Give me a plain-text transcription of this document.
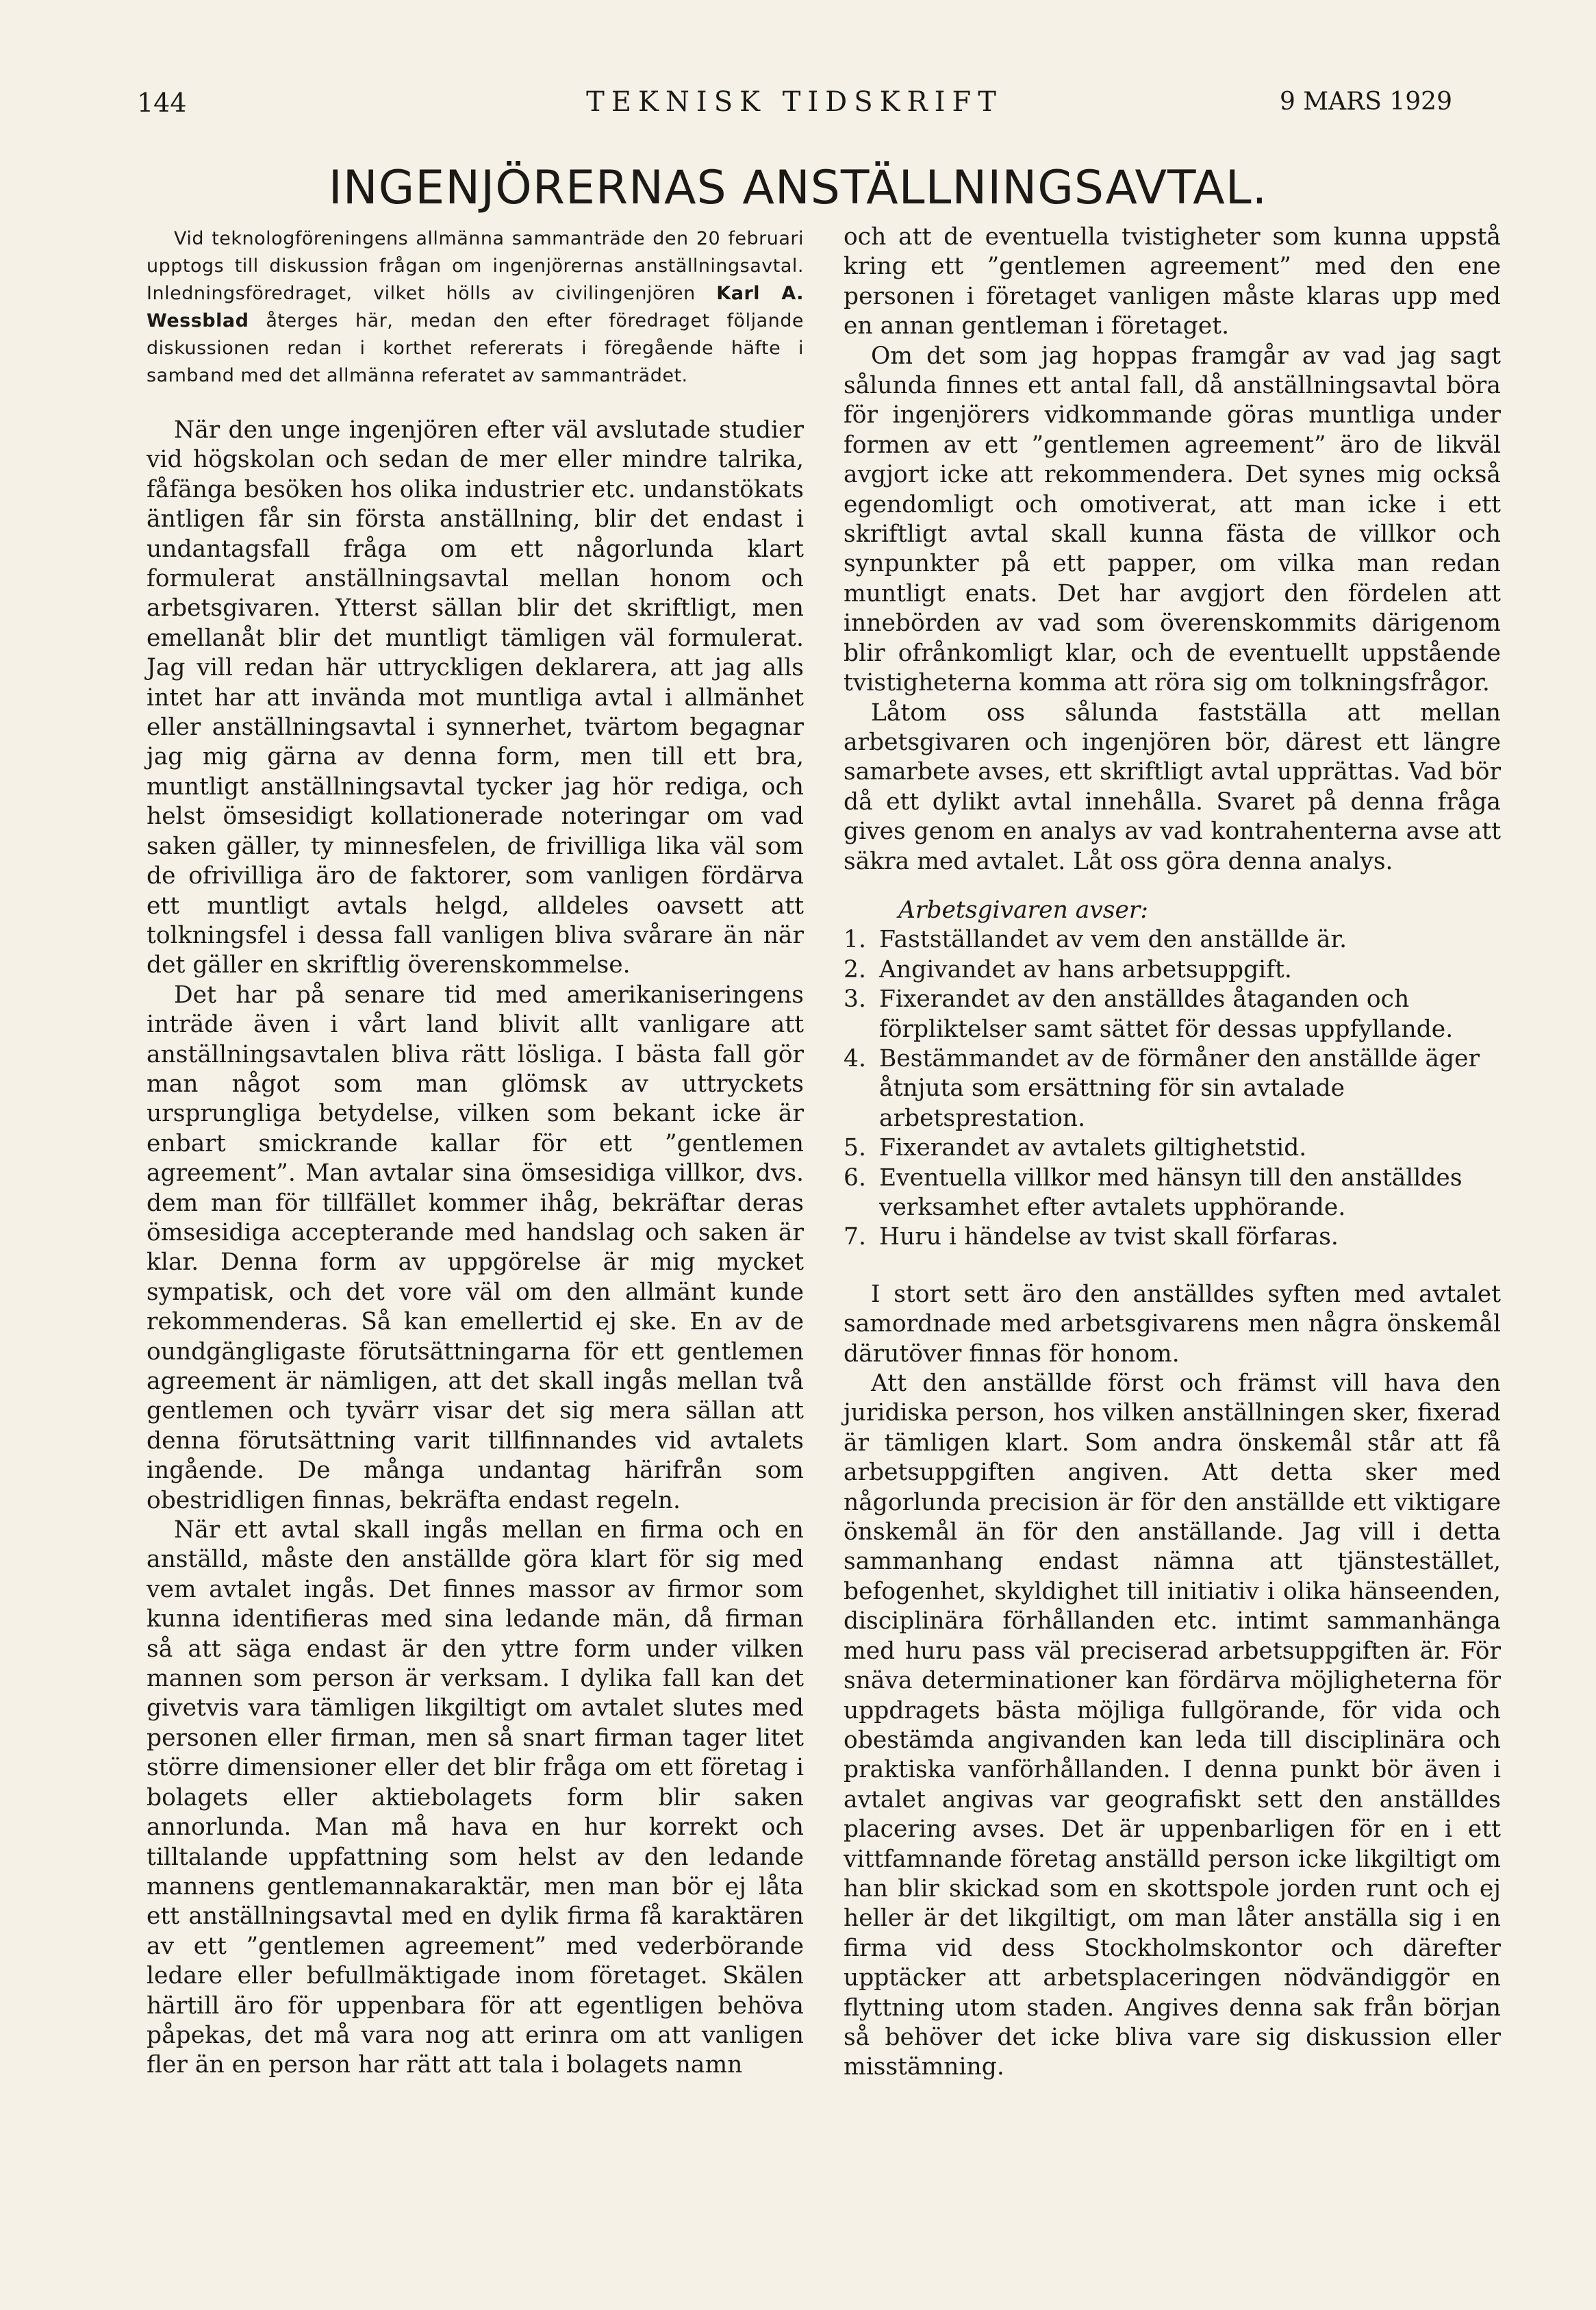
144	TEKNISK TIDSKRIFT	9 MARS 1929
INGENJÖRERNAS ANSTÄLLNINGSAVTAL.

Vid teknologföreningens allmänna sammanträde den 20 februari upptogs till diskussion frågan om ingenjörernas anställningsavtal. Inledningsföredraget, vilket hölls av civilingenjören Karl A. Wessblad återges här, medan den efter föredraget följande diskussionen redan i korthet refererats i föregående häfte i samband med det allmänna referatet av sammanträdet.

När den unge ingenjören efter väl avslutade studier vid högskolan och sedan de mer eller mindre talrika, fåfänga besöken hos olika industrier etc. undanstökats äntligen får sin första anställning, blir det endast i undantagsfall fråga om ett någorlunda klart formulerat anställningsavtal mellan honom och arbetsgivaren. Ytterst sällan blir det skriftligt, men emellanåt blir det muntligt tämligen väl formulerat. Jag vill redan här uttryckligen deklarera, att jag alls intet har att invända mot muntliga avtal i allmänhet eller anställningsavtal i synnerhet, tvärtom begagnar jag mig gärna av denna form, men till ett bra, muntligt anställningsavtal tycker jag hör rediga, och helst ömsesidigt kollationerade noteringar om vad saken gäller, ty minnesfelen, de frivilliga lika väl som de ofrivilliga äro de faktorer, som vanligen fördärva ett muntligt avtals helgd, alldeles oavsett att tolkningsfel i dessa fall vanligen bliva svårare än när det gäller en skriftlig överenskommelse.

Det har på senare tid med amerikaniseringens inträde även i vårt land blivit allt vanligare att anställningsavtalen bliva rätt lösliga. I bästa fall gör man något som man glömsk av uttryckets ursprungliga betydelse, vilken som bekant icke är enbart smickrande kallar för ett ”gentlemen agreement”. Man avtalar sina ömsesidiga villkor, dvs. dem man för tillfället kommer ihåg, bekräftar deras ömsesidiga accepterande med handslag och saken är klar. Denna form av uppgörelse är mig mycket sympatisk, och det vore väl om den allmänt kunde rekommenderas. Så kan emellertid ej ske. En av de oundgängligaste förutsättningarna för ett gentlemen agreement är nämligen, att det skall ingås mellan två gentlemen och tyvärr visar det sig mera sällan att denna förutsättning varit tillfinnandes vid avtalets ingående. De många undantag härifrån som obestridligen finnas, bekräfta endast regeln.

När ett avtal skall ingås mellan en firma och en anställd, måste den anställde göra klart för sig med vem avtalet ingås. Det finnes massor av firmor som kunna identifieras med sina ledande män, då firman så att säga endast är den yttre form under vilken mannen som person är verksam. I dylika fall kan det givetvis vara tämligen likgiltigt om avtalet slutes med personen eller firman, men så snart firman tager litet större dimensioner eller det blir fråga om ett företag i bolagets eller aktiebolagets form blir saken annorlunda. Man må hava en hur korrekt och tilltalande uppfattning som helst av den ledande mannens gentlemannakaraktär, men man bör ej låta ett anställningsavtal med en dylik firma få karaktären av ett ”gentlemen agreement” med vederbörande ledare eller befullmäktigade inom företaget. Skälen härtill äro för uppenbara för att egentligen behöva påpekas, det må vara nog att erinra om att vanligen fler än en person har rätt att tala i bolagets namn

och att de eventuella tvistigheter som kunna uppstå kring ett ”gentlemen agreement” med den ene personen i företaget vanligen måste klaras upp med en annan gentleman i företaget.

Om det som jag hoppas framgår av vad jag sagt sålunda finnes ett antal fall, då anställningsavtal böra för ingenjörers vidkommande göras muntliga under formen av ett ”gentlemen agreement” äro de likväl avgjort icke att rekommendera. Det synes mig också egendomligt och omotiverat, att man icke i ett skriftligt avtal skall kunna fästa de villkor och synpunkter på ett papper, om vilka man redan muntligt enats. Det har avgjort den fördelen att innebörden av vad som överenskommits därigenom blir ofrånkomligt klar, och de eventuellt uppstående tvistigheterna komma att röra sig om tolkningsfrågor.

Låtom oss sålunda fastställa att mellan arbetsgivaren och ingenjören bör, därest ett längre samarbete avses, ett skriftligt avtal upprättas. Vad bör då ett dylikt avtal innehålla. Svaret på denna fråga gives genom en analys av vad kontrahenterna avse att säkra med avtalet. Låt oss göra denna analys.

Arbetsgivaren avser:

1. Fastställandet av vem den anställde är.
2. Angivandet av hans arbetsuppgift.
3. Fixerandet av den anställdes åtaganden och förpliktelser samt sättet för dessas uppfyllande.
4. Bestämmandet av de förmåner den anställde äger åtnjuta som ersättning för sin avtalade arbetsprestation.
5. Fixerandet av avtalets giltighetstid.
6. Eventuella villkor med hänsyn till den anställdes verksamhet efter avtalets upphörande.
7. Huru i händelse av tvist skall förfaras.

I stort sett äro den anställdes syften med avtalet samordnade med arbetsgivarens men några önskemål därutöver finnas för honom.

Att den anställde först och främst vill hava den juridiska person, hos vilken anställningen sker, fixerad är tämligen klart. Som andra önskemål står att få arbetsuppgiften angiven. Att detta sker med någorlunda precision är för den anställde ett viktigare önskemål än för den anställande. Jag vill i detta sammanhang endast nämna att tjänstestället, befogenhet, skyldighet till initiativ i olika hänseenden, disciplinära förhållanden etc. intimt sammanhänga med huru pass väl preciserad arbetsuppgiften är. För snäva determinationer kan fördärva möjligheterna för uppdragets bästa möjliga fullgörande, för vida och obestämda angivanden kan leda till disciplinära och praktiska vanförhållanden. I denna punkt bör även i avtalet angivas var geografiskt sett den anställdes placering avses. Det är uppenbarligen för en i ett vittfamnande företag anställd person icke likgiltigt om han blir skickad som en skottspole jorden runt och ej heller är det likgiltigt, om man låter anställa sig i en firma vid dess Stockholmskontor och därefter upptäcker att arbetsplaceringen nödvändiggör en flyttning utom staden. Angives denna sak från början så behöver det icke bliva vare sig diskussion eller misstämning.
